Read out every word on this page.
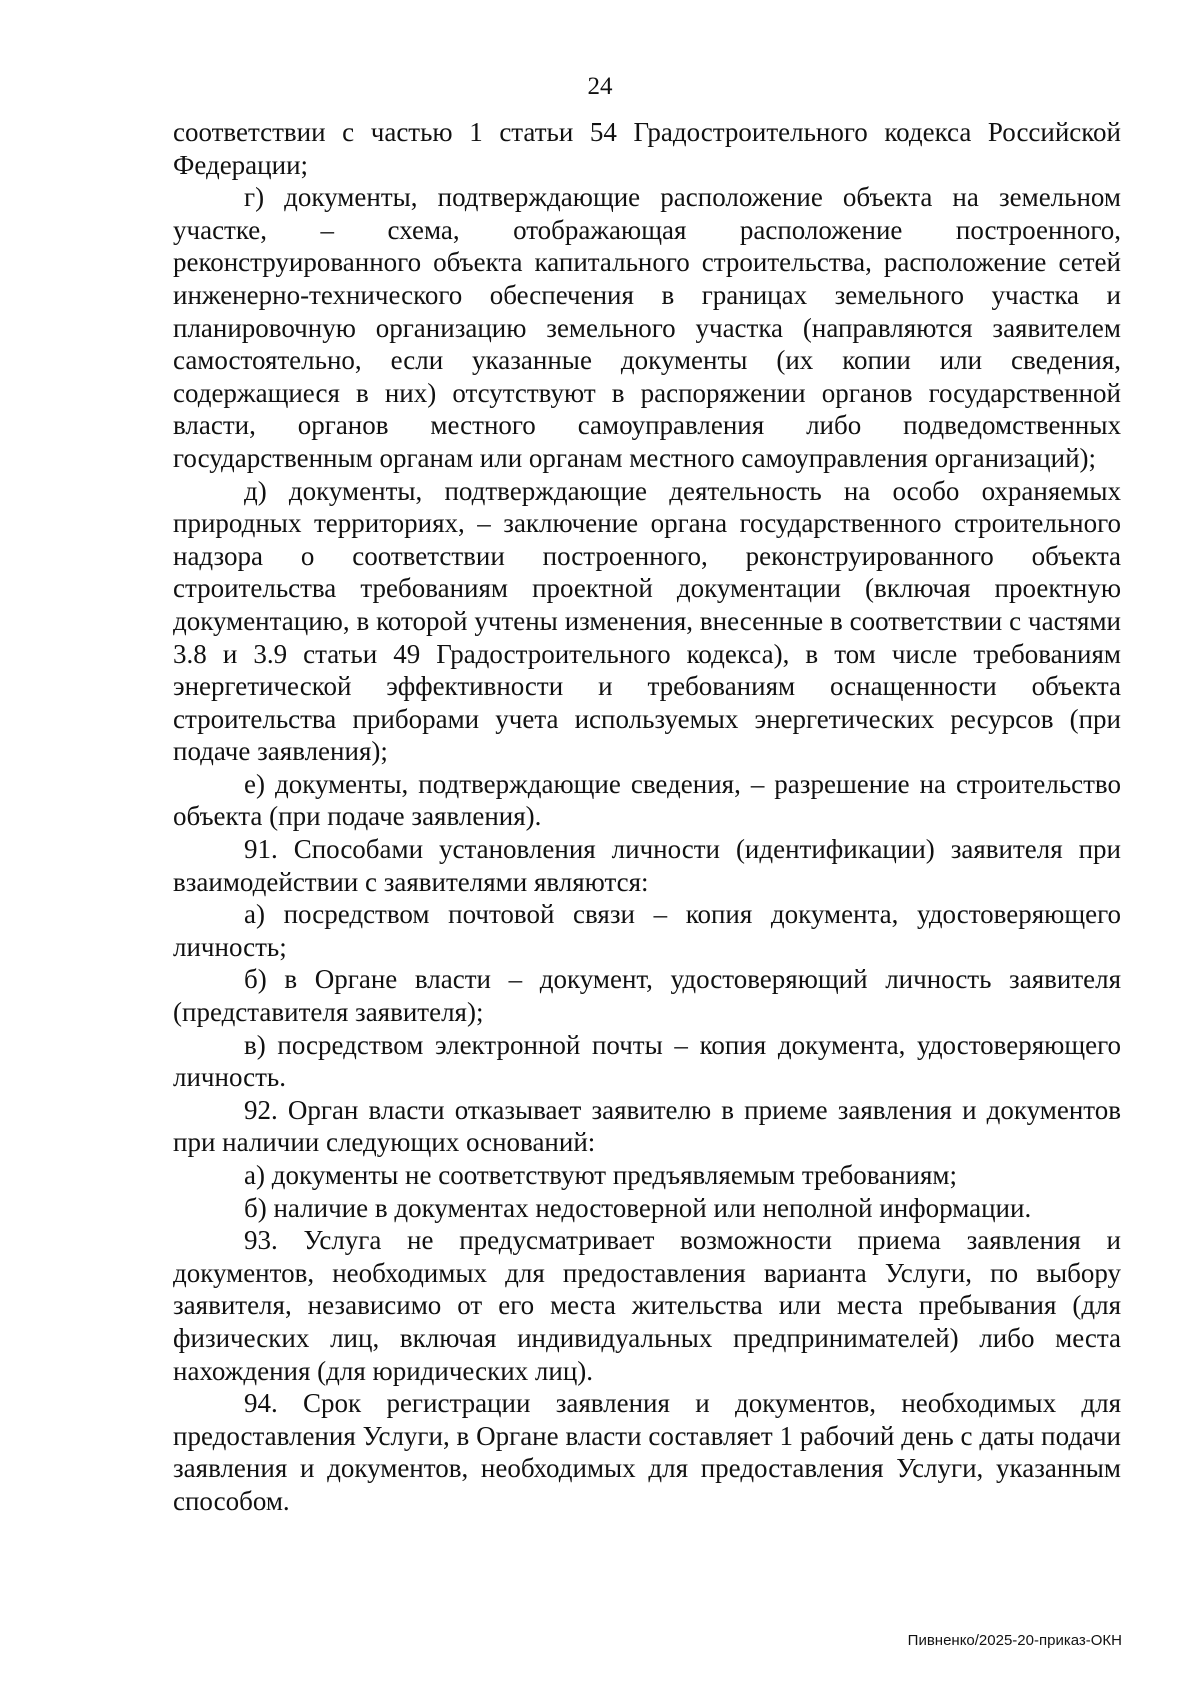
24

соответствии с частью 1 статьи 54 Градостроительного кодекса Российской Федерации;

г) документы, подтверждающие расположение объекта на земельном участке, – схема, отображающая расположение построенного, реконструированного объекта капитального строительства, расположение сетей инженерно-технического обеспечения в границах земельного участка и планировочную организацию земельного участка (направляются заявителем самостоятельно, если указанные документы (их копии или сведения, содержащиеся в них) отсутствуют в распоряжении органов государственной власти, органов местного самоуправления либо подведомственных государственным органам или органам местного самоуправления организаций);

д) документы, подтверждающие деятельность на особо охраняемых природных территориях, – заключение органа государственного строительного надзора о соответствии построенного, реконструированного объекта строительства требованиям проектной документации (включая проектную документацию, в которой учтены изменения, внесенные в соответствии с частями 3.8 и 3.9 статьи 49 Градостроительного кодекса), в том числе требованиям энергетической эффективности и требованиям оснащенности объекта строительства приборами учета используемых энергетических ресурсов (при подаче заявления);

е) документы, подтверждающие сведения, – разрешение на строительство объекта (при подаче заявления).

91. Способами установления личности (идентификации) заявителя при взаимодействии с заявителями являются:

а) посредством почтовой связи – копия документа, удостоверяющего личность;

б) в Органе власти – документ, удостоверяющий личность заявителя (представителя заявителя);

в) посредством электронной почты – копия документа, удостоверяющего личность.

92. Орган власти отказывает заявителю в приеме заявления и документов при наличии следующих оснований:

а) документы не соответствуют предъявляемым требованиям;

б) наличие в документах недостоверной или неполной информации.

93. Услуга не предусматривает возможности приема заявления и документов, необходимых для предоставления варианта Услуги, по выбору заявителя, независимо от его места жительства или места пребывания (для физических лиц, включая индивидуальных предпринимателей) либо места нахождения (для юридических лиц).

94. Срок регистрации заявления и документов, необходимых для предоставления Услуги, в Органе власти составляет 1 рабочий день с даты подачи заявления и документов, необходимых для предоставления Услуги, указанным способом.

Пивненко/2025-20-приказ-ОКН
